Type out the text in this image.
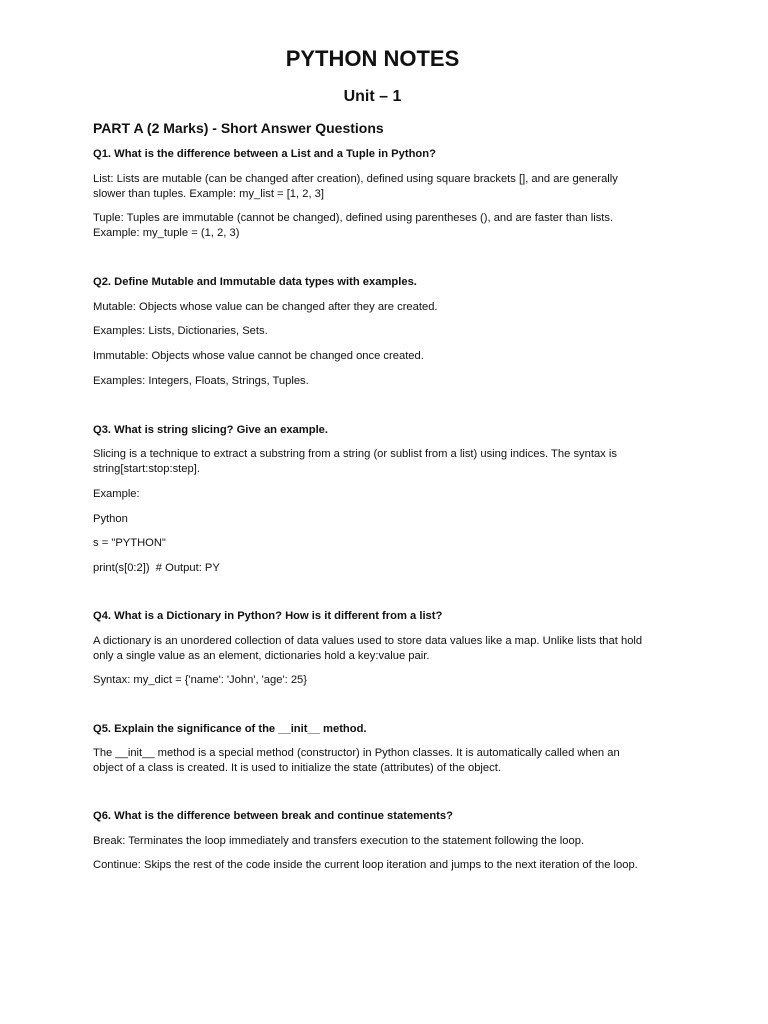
PYTHON NOTES
Unit – 1
PART A (2 Marks) - Short Answer Questions

Q1. What is the difference between a List and a Tuple in Python?

List: Lists are mutable (can be changed after creation), defined using square brackets [], and are generally slower than tuples. Example: my_list = [1, 2, 3]

Tuple: Tuples are immutable (cannot be changed), defined using parentheses (), and are faster than lists. Example: my_tuple = (1, 2, 3)

Q2. Define Mutable and Immutable data types with examples.

Mutable: Objects whose value can be changed after they are created.

Examples: Lists, Dictionaries, Sets.

Immutable: Objects whose value cannot be changed once created.

Examples: Integers, Floats, Strings, Tuples.

Q3. What is string slicing? Give an example.

Slicing is a technique to extract a substring from a string (or sublist from a list) using indices. The syntax is string[start:stop:step].

Example:

Python

s = "PYTHON"

print(s[0:2])  # Output: PY

Q4. What is a Dictionary in Python? How is it different from a list?

A dictionary is an unordered collection of data values used to store data values like a map. Unlike lists that hold only a single value as an element, dictionaries hold a key:value pair.

Syntax: my_dict = {'name': 'John', 'age': 25}

Q5. Explain the significance of the __init__ method.

The __init__ method is a special method (constructor) in Python classes. It is automatically called when an object of a class is created. It is used to initialize the state (attributes) of the object.

Q6. What is the difference between break and continue statements?

Break: Terminates the loop immediately and transfers execution to the statement following the loop.

Continue: Skips the rest of the code inside the current loop iteration and jumps to the next iteration of the loop.
